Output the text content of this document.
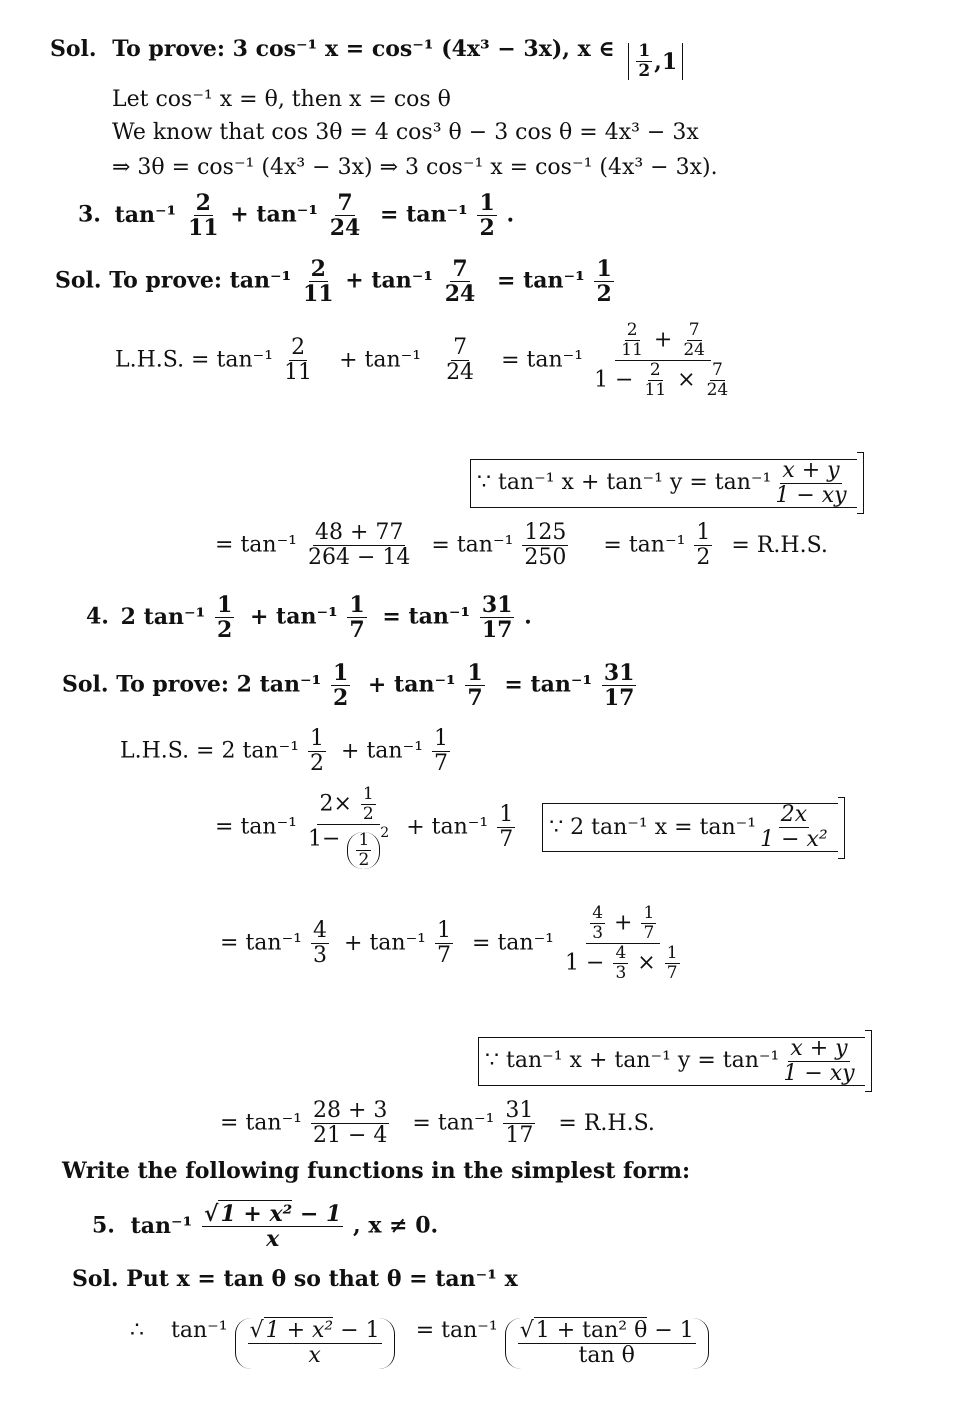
Sol. To prove: 3 cos⁻¹ x = cos⁻¹ (4x³ − 3x), x ∈ 1
2 ,1
Let cos⁻¹ x = θ, then x = cos θ
We know that cos 3θ = 4 cos³ θ − 3 cos θ = 4x³ − 3x
⇒ 3θ = cos⁻¹ (4x³ − 3x) ⇒ 3 cos⁻¹ x = cos⁻¹ (4x³ − 3x).
3. $\tan^{-1} \frac{2}{11} + \tan^{-1} \frac{7}{24} = \tan^{-1} \frac{1}{2}$ .
Sol. To prove: $\tan^{-1} \frac{2}{11} + \tan^{-1} \frac{7}{24} = \tan^{-1} \frac{1}{2}$
L.H.S. = $\tan^{-1} \frac{2}{11} + \tan^{-1} \frac{7}{24} = \tan^{-1} \frac{\frac{2}{11} + \frac{7}{24}}{1 - \frac{2}{11} \times \frac{7}{24}}$
∵ tan⁻¹ x + tan⁻¹ y = tan⁻¹ x + y
1 − xy
= $\tan^{-1} \frac{48 + 77}{264 - 14} = \tan^{-1} \frac{125}{250} = \tan^{-1} \frac{1}{2} = R.H.S$.
4. 2 $\tan^{-1} \frac{1}{2} + \tan^{-1} \frac{1}{7} = \tan^{-1} \frac{31}{17}$ .
Sol. To prove: 2 $\tan^{-1} \frac{1}{2} + \tan^{-1} \frac{1}{7} = \tan^{-1} \frac{31}{17}$
L.H.S. = 2 $\tan^{-1} \frac{1}{2} + \tan^{-1} \frac{1}{7}$
= tan⁻¹ $2\times \frac{1}{2}$
1− 1
2
$^2 + \tan^{-1} \frac{1}{7}$
∵ 2 tan⁻¹ x = tan⁻¹ 2x
1 − x²
= $\tan^{-1} \frac{4}{3} + \tan^{-1} \frac{1}{7} = \tan^{-1} \frac{\frac{4}{3} + \frac{1}{7}}{1 - \frac{4}{3} \times \frac{1}{7}}$
∵ tan⁻¹ x + tan⁻¹ y = tan⁻¹ x + y
1 − xy
= $\tan^{-1} \frac{28 + 3}{21 - 4} = \tan^{-1} \frac{31}{17} = R.H.S$.
Write the following functions in the simplest form:
5. $\tan^{-1} \frac{\text{√1 + x² − 1}}{x}$ , x ≠ 0.
Sol. Put x = tan θ so that θ = tan⁻¹ x
∴ tan⁻¹ √1 + x² − 1
x
= tan⁻¹ √1 + tan² θ − 1
tan θ
